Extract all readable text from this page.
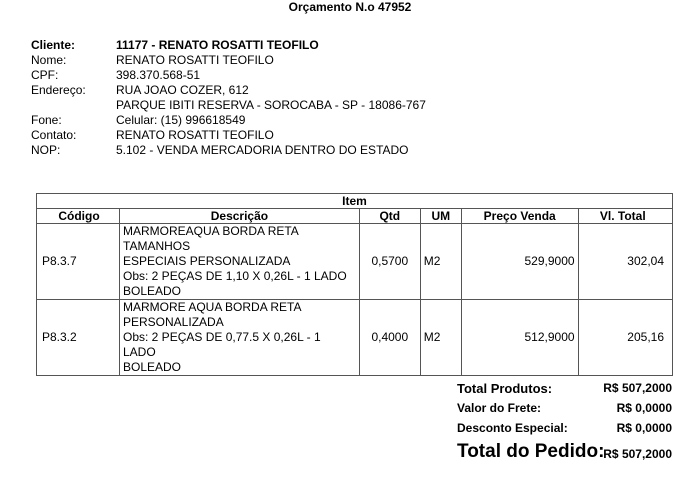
Orçamento N.o 47952
Cliente:	11177 - RENATO ROSATTI TEOFILO
Nome:	RENATO ROSATTI TEOFILO
CPF:	398.370.568-51
Endereço:	RUA JOAO COZER, 612
PARQUE IBITI RESERVA - SOROCABA - SP - 18086-767
Fone:	Celular: (15) 996618549
Contato:	RENATO ROSATTI TEOFILO
NOP:	5.102 - VENDA MERCADORIA DENTRO DO ESTADO
Item					
Código	Descrição	Qtd	UM	Preço Venda	Vl. Total
P8.3.7	MARMOREAQUA BORDA RETA TAMANHOS
ESPECIAIS PERSONALIZADA
Obs: 2 PEÇAS DE 1,10 X 0,26L - 1 LADO
BOLEADO	0,5700	M2	529,9000	302,04
P8.3.2	MARMORE AQUA BORDA RETA
PERSONALIZADA
Obs: 2 PEÇAS DE 0,77.5 X 0,26L - 1 LADO
BOLEADO	0,4000	M2	512,9000	205,16
Total Produtos:	R$ 507,2000
Valor do Frete:	R$ 0,0000
Desconto Especial:	R$ 0,0000
Total do Pedido:
R$ 507,2000
